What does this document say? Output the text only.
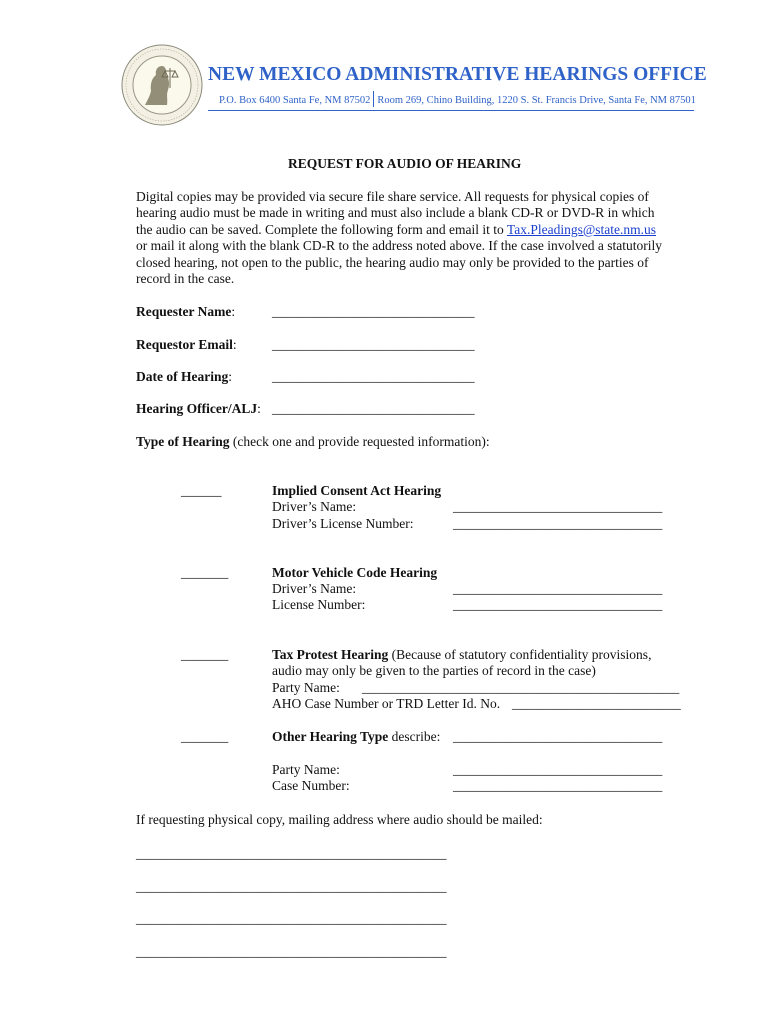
NEW MEXICO ADMINISTRATIVE HEARINGS OFFICE
P.O. Box 6400 Santa Fe, NM 87502 Room 269, Chino Building, 1220 S. St. Francis Drive, Santa Fe, NM 87501
REQUEST FOR AUDIO OF HEARING

Digital copies may be provided via secure file share service. All requests for physical copies of

hearing audio must be made in writing and must also include a blank CD-R or DVD-R in which

the audio can be saved. Complete the following form and email it to Tax.Pleadings@state.nm.us

or mail it along with the blank CD-R to the address noted above. If the case involved a statutorily

closed hearing, not open to the public, the hearing audio may only be provided to the parties of

record in the case.

Requester Name:	______________________________
Requestor Email:	______________________________
Date of Hearing:	______________________________
Hearing Officer/ALJ: ______________________________
Type of Hearing (check one and provide requested information):
______	Implied Consent Act Hearing
Driver’s Name:	_______________________________
Driver’s License Number:	_______________________________
_______	Motor Vehicle Code Hearing
Driver’s Name:	_______________________________
License Number:	_______________________________
_______	Tax Protest Hearing (Because of statutory confidentiality provisions,
audio may only be given to the parties of record in the case)
Party Name: _______________________________________________
AHO Case Number or TRD Letter Id. No. _________________________
_______	Other Hearing Type describe: _______________________________
Party Name:	_______________________________
Case Number:	_______________________________
If requesting physical copy, mailing address where audio should be mailed:
______________________________________________
______________________________________________
______________________________________________
______________________________________________
